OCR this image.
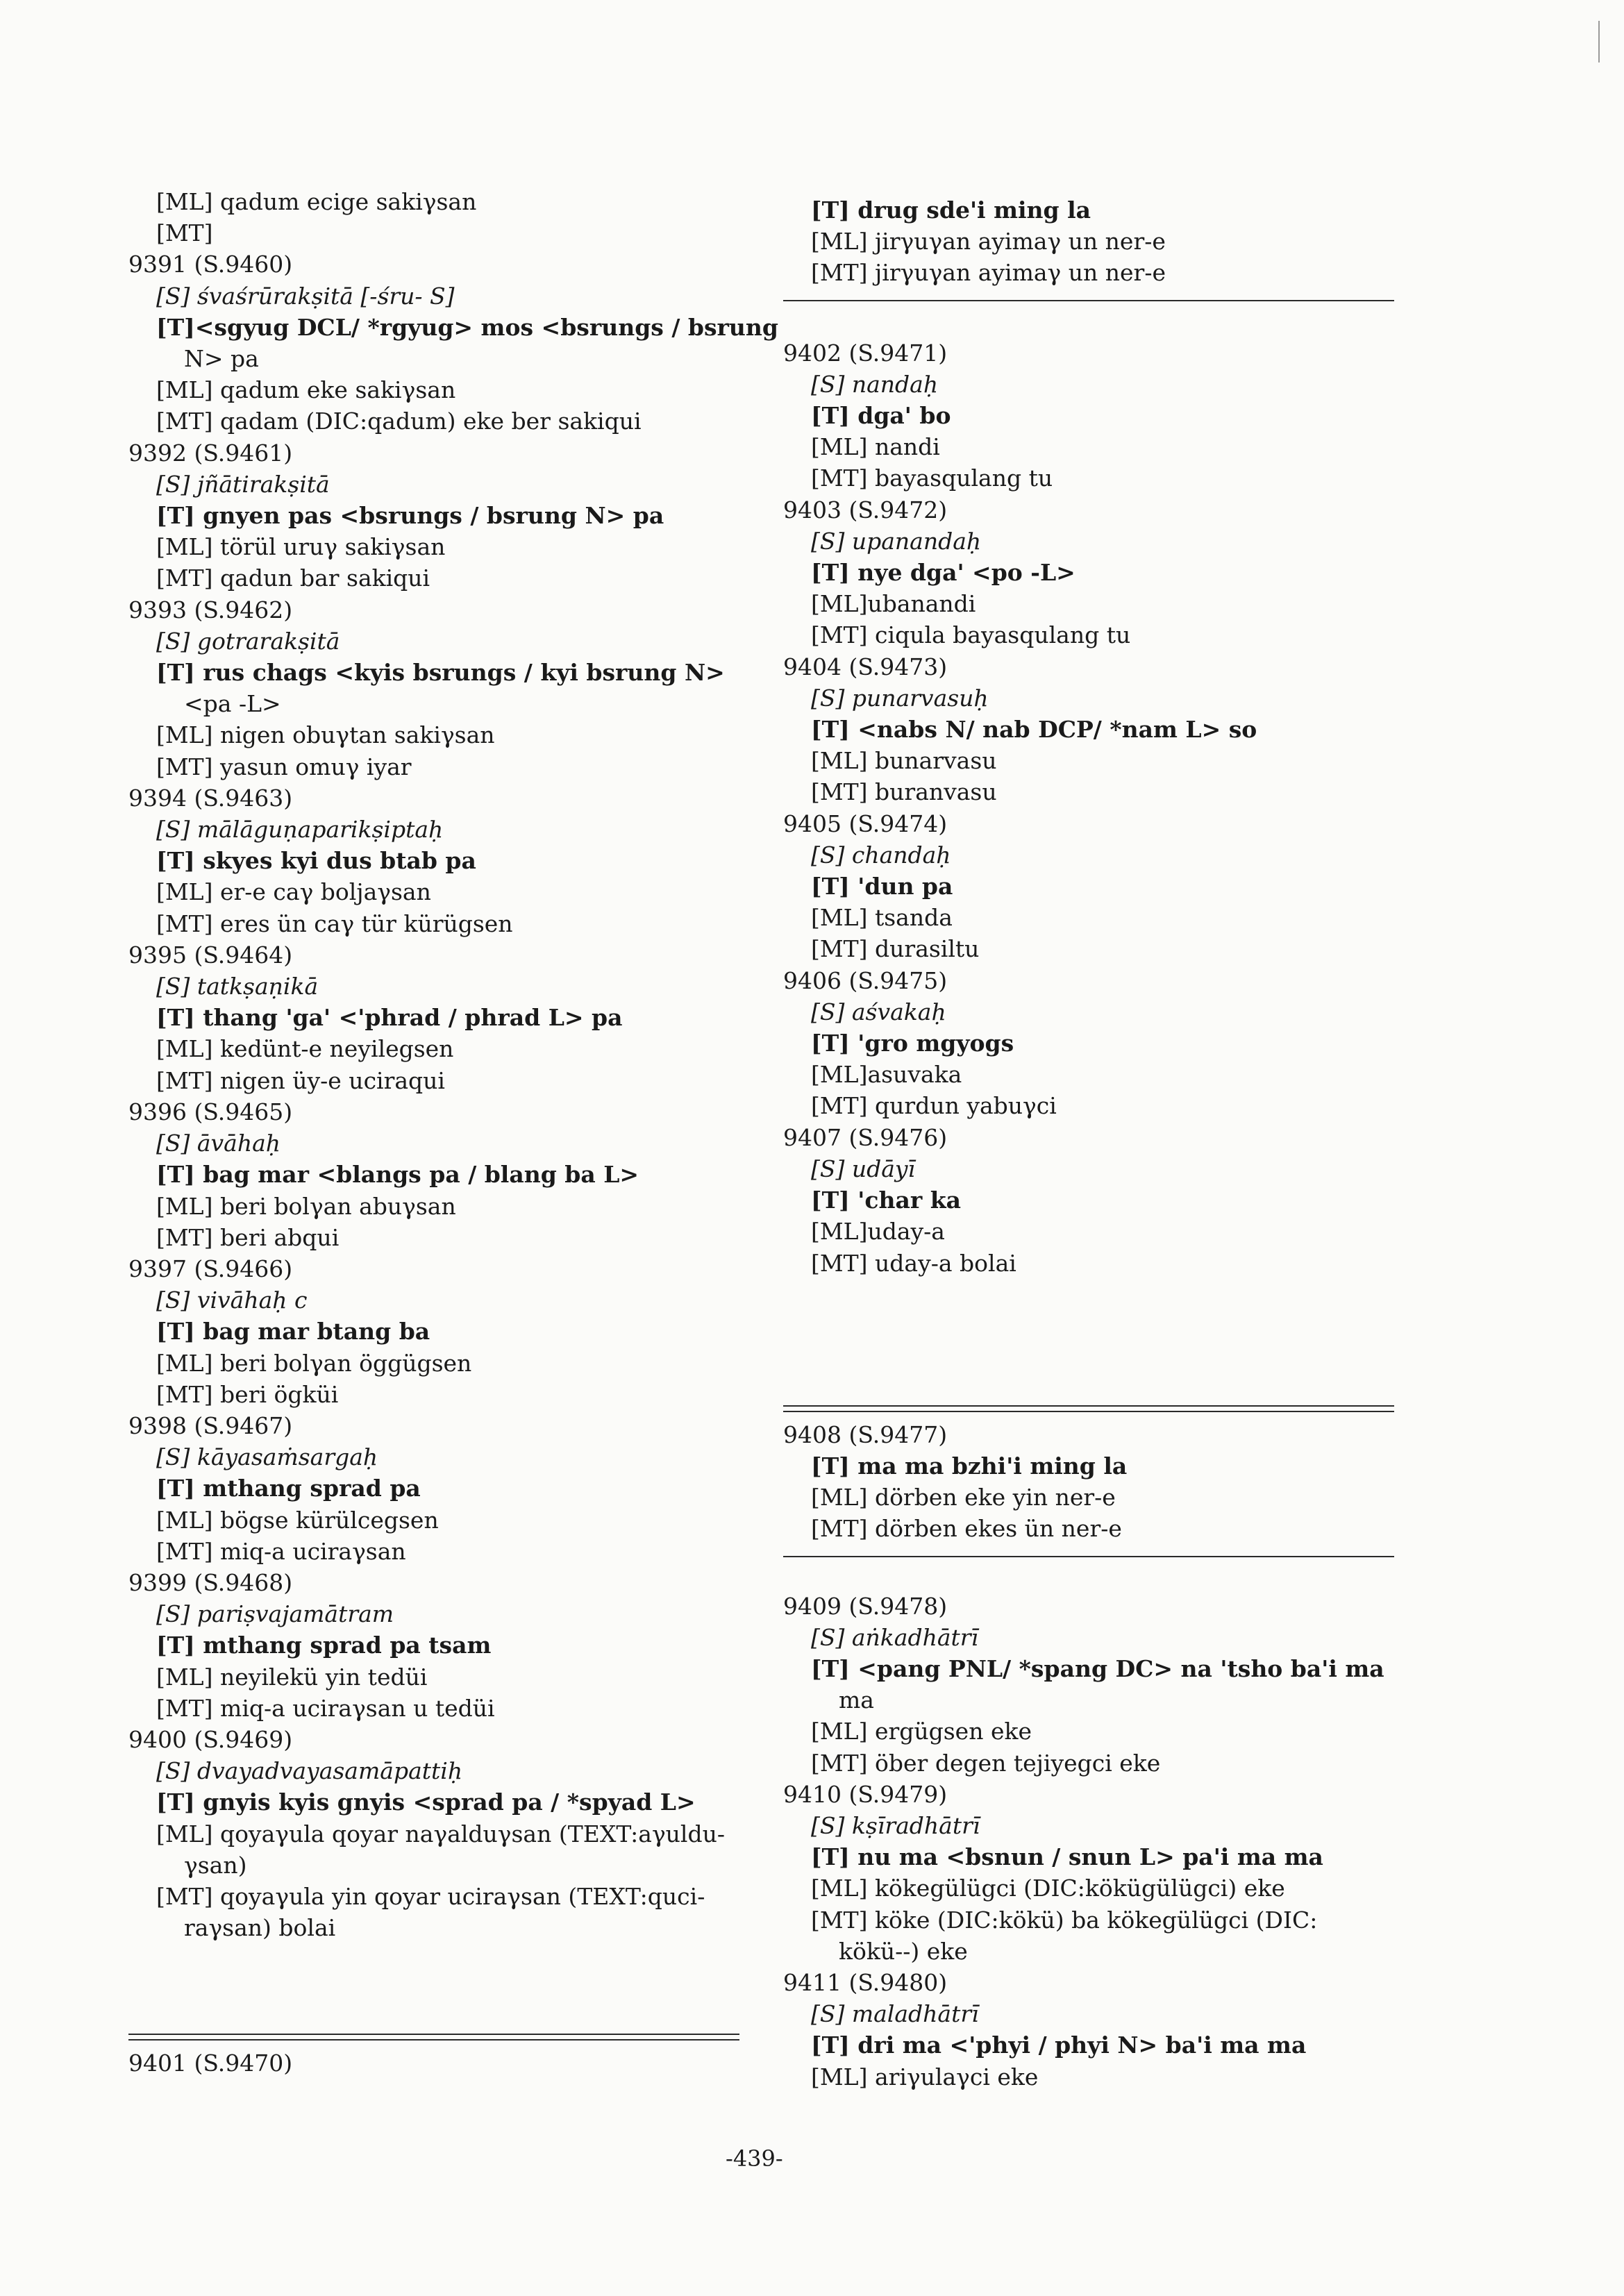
[ML] qadum ecige sakiγsan
[MT]
9391 (S.9460)
[S] śvaśrūrakṣitā [-śru- S]
[T]<sgyug DCL/ *rgyug> mos <bsrungs / bsrung
N> pa
[ML] qadum eke sakiγsan
[MT] qadam (DIC:qadum) eke ber sakiqui
9392 (S.9461)
[S] jñātirakṣitā
[T] gnyen pas <bsrungs / bsrung N> pa
[ML] törül uruγ sakiγsan
[MT] qadun bar sakiqui
9393 (S.9462)
[S] gotrarakṣitā
[T] rus chags <kyis bsrungs / kyi bsrung N>
<pa -L>
[ML] nigen obuγtan sakiγsan
[MT] yasun omuγ iyar
9394 (S.9463)
[S] mālāguṇaparikṣiptaḥ
[T] skyes kyi dus btab pa
[ML] er-e caγ boljaγsan
[MT] eres ün caγ tür kürügsen
9395 (S.9464)
[S] tatkṣaṇikā
[T] thang 'ga' <'phrad / phrad L> pa
[ML] kedünt-e neyilegsen
[MT] nigen üy-e uciraqui
9396 (S.9465)
[S] āvāhaḥ
[T] bag mar <blangs pa / blang ba L>
[ML] beri bolγan abuγsan
[MT] beri abqui
9397 (S.9466)
[S] vivāhaḥ c
[T] bag mar btang ba
[ML] beri bolγan öggügsen
[MT] beri ögküi
9398 (S.9467)
[S] kāyasaṁsargaḥ
[T] mthang sprad pa
[ML] bögse kürülcegsen
[MT] miq-a uciraγsan
9399 (S.9468)
[S] pariṣvajamātram
[T] mthang sprad pa tsam
[ML] neyilekü yin tedüi
[MT] miq-a uciraγsan u tedüi
9400 (S.9469)
[S] dvayadvayasamāpattiḥ
[T] gnyis kyis gnyis <sprad pa / *spyad L>
[ML] qoyaγula qoyar naγalduγsan (TEXT:aγuldu-
γsan)
[MT] qoyaγula yin qoyar uciraγsan (TEXT:quci-
raγsan) bolai
9401 (S.9470)
[T] drug sde'i ming la
[ML] jirγuγan ayimaγ un ner-e
[MT] jirγuγan ayimaγ un ner-e
9402 (S.9471)
[S] nandaḥ
[T] dga' bo
[ML] nandi
[MT] bayasqulang tu
9403 (S.9472)
[S] upanandaḥ
[T] nye dga' <po -L>
[ML]ubanandi
[MT] ciqula bayasqulang tu
9404 (S.9473)
[S] punarvasuḥ
[T] <nabs N/ nab DCP/ *nam L> so
[ML] bunarvasu
[MT] buranvasu
9405 (S.9474)
[S] chandaḥ
[T] 'dun pa
[ML] tsanda
[MT] durasiltu
9406 (S.9475)
[S] aśvakaḥ
[T] 'gro mgyogs
[ML]asuvaka
[MT] qurdun yabuγci
9407 (S.9476)
[S] udāyī
[T] 'char ka
[ML]uday-a
[MT] uday-a bolai
9408 (S.9477)
[T] ma ma bzhi'i ming la
[ML] dörben eke yin ner-e
[MT] dörben ekes ün ner-e
9409 (S.9478)
[S] aṅkadhātrī
[T] <pang PNL/ *spang DC> na 'tsho ba'i ma
ma
[ML] ergügsen eke
[MT] öber degen tejiyegci eke
9410 (S.9479)
[S] kṣīradhātrī
[T] nu ma <bsnun / snun L> pa'i ma ma
[ML] kökegülügci (DIC:kökügülügci) eke
[MT] köke (DIC:kökü) ba kökegülügci (DIC:
kökü--) eke
9411 (S.9480)
[S] maladhātrī
[T] dri ma <'phyi / phyi N> ba'i ma ma
[ML] ariγulaγci eke
-439-
